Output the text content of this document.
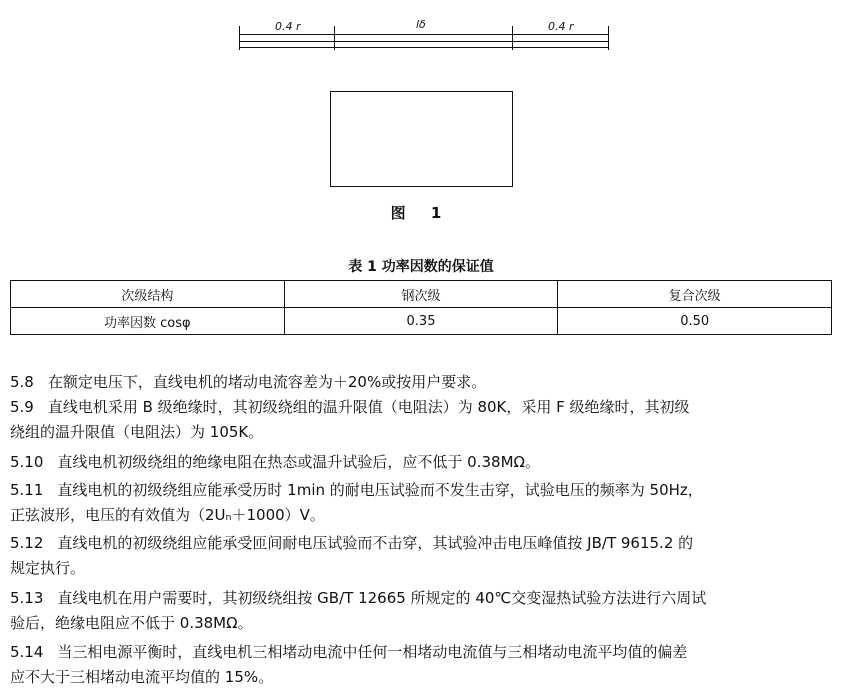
0.4 r	lδ	0.4 r
图 1
表 1 功率因数的保证值
次级结构	钢次级	复合次级
功率因数 cosφ	0.35	0.50
5.8 在额定电压下，直线电机的堵动电流容差为＋20%或按用户要求。
5.9 直线电机采用 B 级绝缘时，其初级绕组的温升限值（电阻法）为 80K，采用 F 级绝缘时，其初级
绕组的温升限值（电阻法）为 105K。
5.10 直线电机初级绕组的绝缘电阻在热态或温升试验后，应不低于 0.38MΩ。
5.11 直线电机的初级绕组应能承受历时 1min 的耐电压试验而不发生击穿，试验电压的频率为 50Hz，
正弦波形，电压的有效值为（2Uₙ＋1000）V。
5.12 直线电机的初级绕组应能承受匝间耐电压试验而不击穿，其试验冲击电压峰值按 JB/T 9615.2 的
规定执行。
5.13 直线电机在用户需要时，其初级绕组按 GB/T 12665 所规定的 40℃交变湿热试验方法进行六周试
验后，绝缘电阻应不低于 0.38MΩ。
5.14 当三相电源平衡时，直线电机三相堵动电流中任何一相堵动电流值与三相堵动电流平均值的偏差
应不大于三相堵动电流平均值的 15%。
